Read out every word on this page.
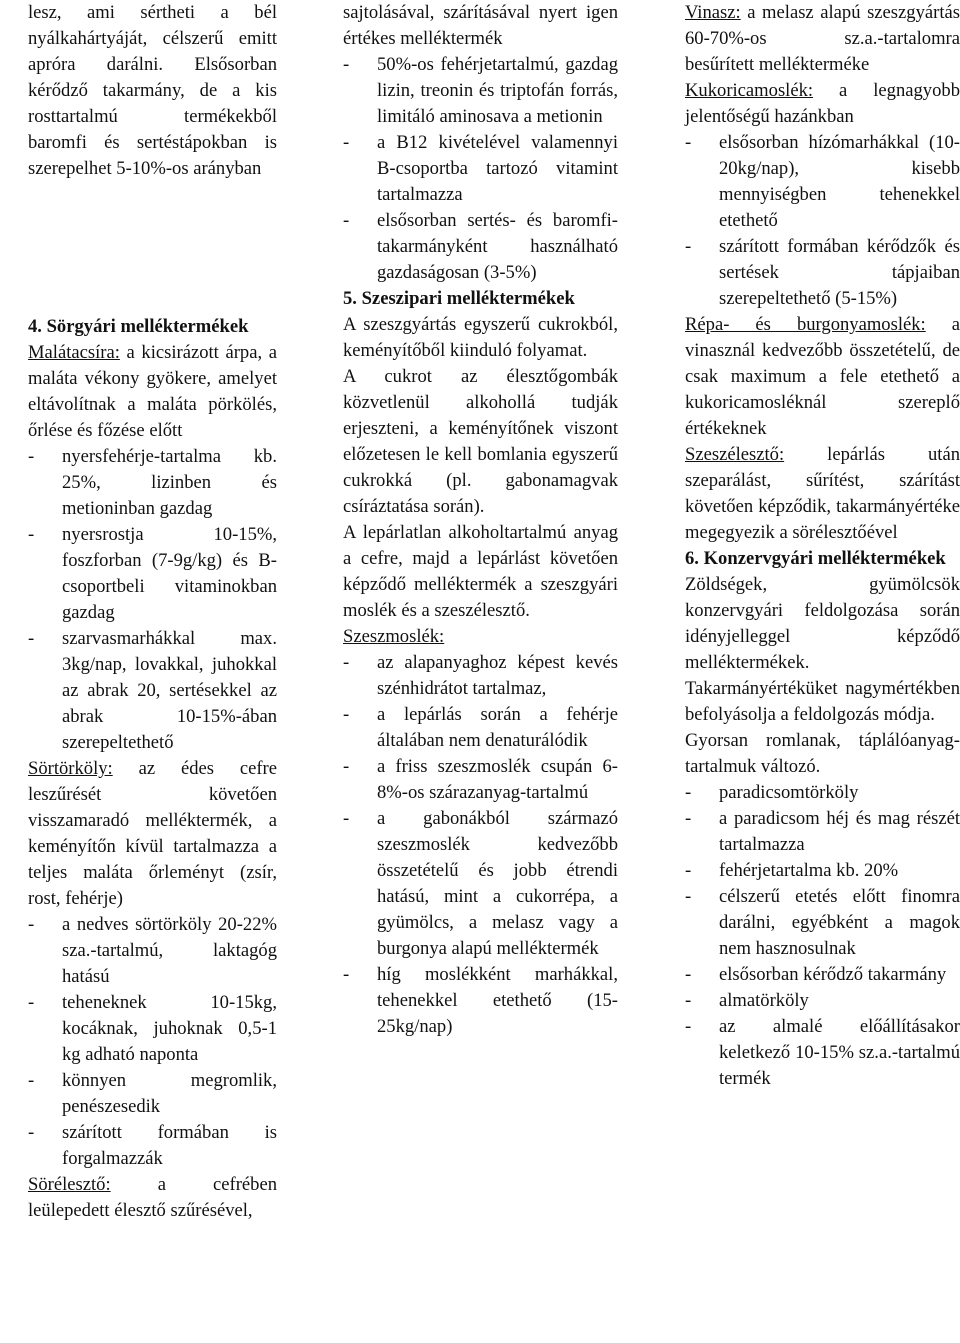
lesz, ami sértheti a bél nyálkahártyáját, célszerű emitt apróra darálni. Elsősorban kérődző takarmány, de a kis rosttartalmú termékekből baromfi és sertéstápokban is szerepelhet 5-10%-os arányban

4. Sörgyári melléktermékek

Malátacsíra: a kicsirázott árpa, a maláta vékony gyökere, amelyet eltávolítnak a maláta pörkölés, őrlése és főzése előtt

- nyersfehérje-tartalma kb. 25%, lizinben és metioninban gazdag

- nyersrostja 10-15%, foszforban (7-9g/kg) és B-csoportbeli vitaminokban gazdag

- szarvasmarhákkal max. 3kg/nap, lovakkal, juhokkal az abrak 20, sertésekkel az abrak 10-15%-ában szerepeltethető

Sörtörköly: az édes cefre leszűrését követően visszamaradó melléktermék, a keményítőn kívül tartalmazza a teljes maláta őrleményt (zsír, rost, fehérje)

- a nedves sörtörköly 20-22% sza.-tartalmú, laktagóg hatású

- teheneknek 10-15kg, kocáknak, juhoknak 0,5-1 kg adható naponta

- könnyen megromlik, penészesedik

- szárított formában is forgalmazzák

Sörélesztő: a cefrében leülepedett élesztő szűrésével,

sajtolásával, szárításával nyert igen értékes melléktermék

- 50%-os fehérjetartalmú, gazdag lizin, treonin és triptofán forrás, limitáló aminosava a metionin

- a B12 kivételével valamennyi B-csoportba tartozó vitamint tartalmazza

- elsősorban sertés- és baromfi-takarmányként használható gazdaságosan (3-5%)

5. Szeszipari melléktermékek

A szeszgyártás egyszerű cukrokból, keményítőből kiinduló folyamat.

A cukrot az élesztőgombák közvetlenül alkohollá tudják erjeszteni, a keményítőnek viszont előzetesen le kell bomlania egyszerű cukrokká (pl. gabonamagvak csíráztatása során).

A lepárlatlan alkoholtartalmú anyag a cefre, majd a lepárlást követően képződő melléktermék a szeszgyári moslék és a szeszélesztő.

Szeszmoslék:

- az alapanyaghoz képest kevés szénhidrátot tartalmaz,

- a lepárlás során a fehérje általában nem denaturálódik

- a friss szeszmoslék csupán 6-8%-os szárazanyag-tartalmú

- a gabonákból származó szeszmoslék kedvezőbb összetételű és jobb étrendi hatású, mint a cukorrépa, a gyümölcs, a melasz vagy a burgonya alapú melléktermék

- híg moslékként marhákkal, tehenekkel etethető (15-25kg/nap)

Vinasz: a melasz alapú szeszgyártás 60-70%-os sz.a.-tartalomra besűrített mellékterméke

Kukoricamoslék: a legnagyobb jelentőségű hazánkban

- elsősorban hízómarhákkal (10-20kg/nap), kisebb mennyiségben tehenekkel etethető

- szárított formában kérődzők és sertések tápjaiban szerepeltethető (5-15%)

Répa- és burgonyamoslék: a vinasznál kedvezőbb összetételű, de csak maximum a fele etethető a kukoricamosléknál szereplő értékeknek

Szeszélesztő: lepárlás után szeparálást, sűrítést, szárítást követően képződik, takarmányértéke megegyezik a sörélesztőével

6. Konzervgyári melléktermékek

Zöldségek, gyümölcsök konzervgyári feldolgozása során idényjelleggel képződő melléktermékek.

Takarmányértéküket nagymértékben befolyásolja a feldolgozás módja.

Gyorsan romlanak, táplálóanyag-tartalmuk változó.

- paradicsomtörköly

- a paradicsom héj és mag részét tartalmazza

- fehérjetartalma kb. 20%

- célszerű etetés előtt finomra darálni, egyébként a magok nem hasznosulnak

- elsősorban kérődző takarmány

- almatörköly

- az almalé előállításakor keletkező 10-15% sz.a.-tartalmú termék
